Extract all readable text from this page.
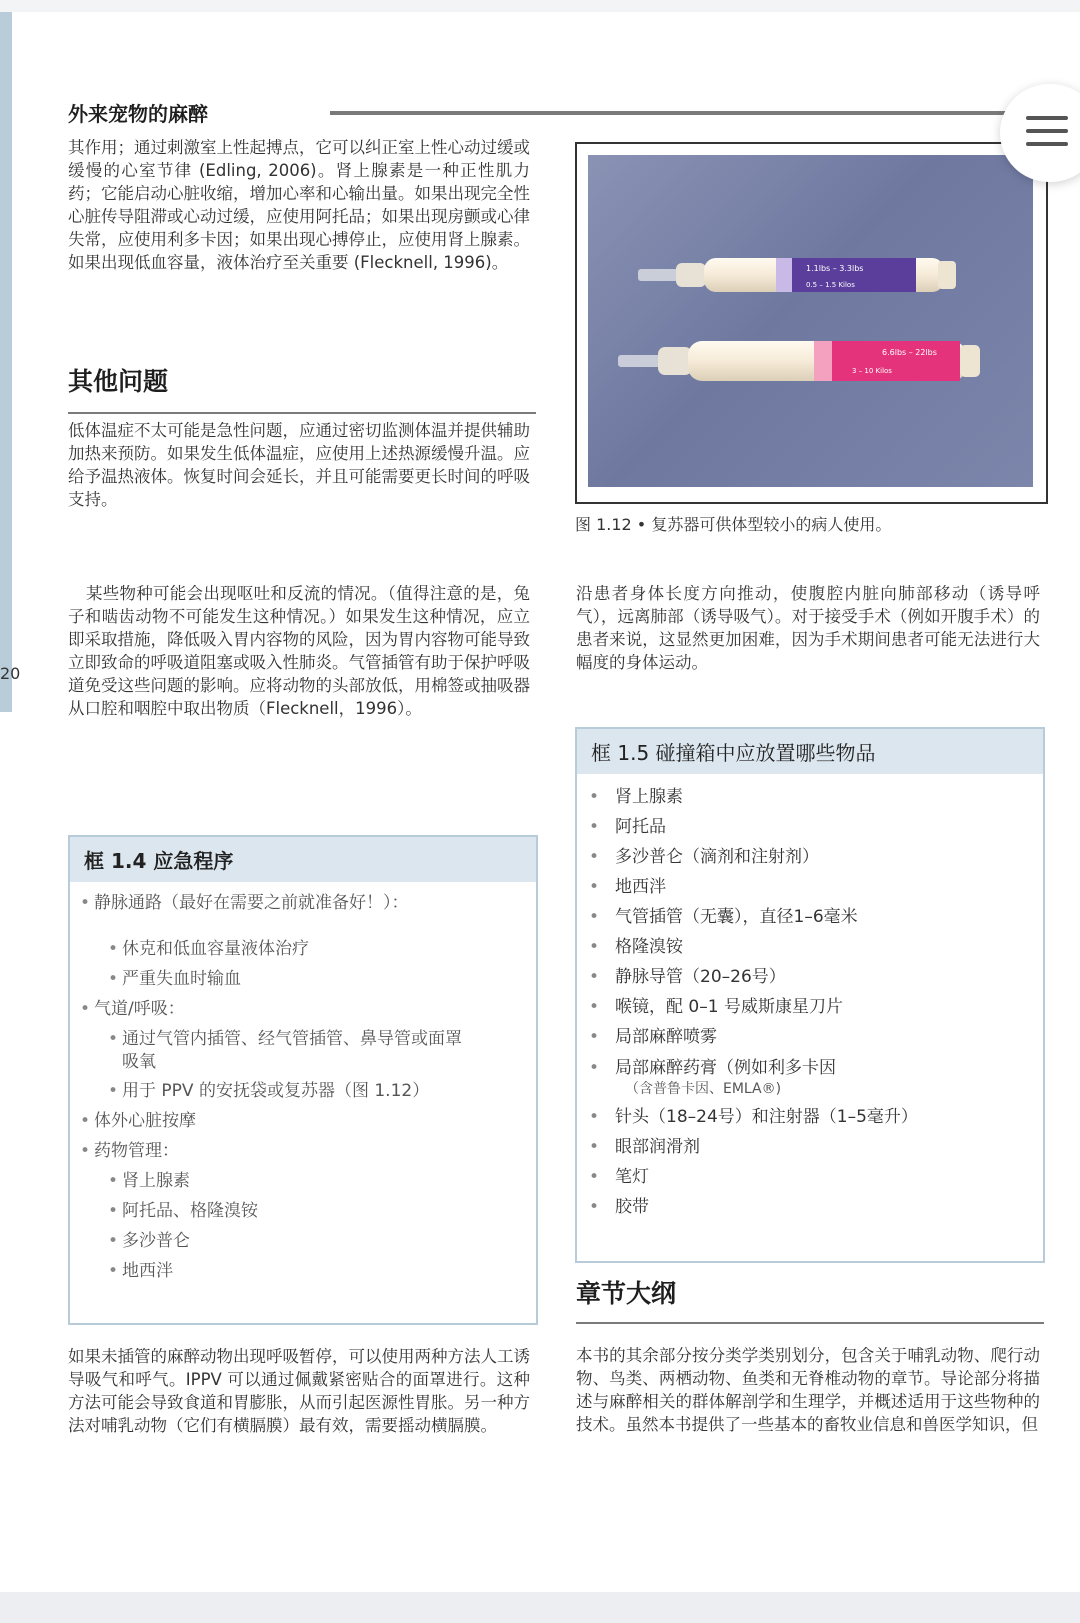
20
外来宠物的麻醉

其作用；通过刺激室上性起搏点，它可以纠正室上性心动过缓或缓慢的心室节律 (Edling, 2006)。肾上腺素是一种正性肌力药；它能启动心脏收缩，增加心率和心输出量。如果出现完全性心脏传导阻滞或心动过缓，应使用阿托品；如果出现房颤或心律失常，应使用利多卡因；如果出现心搏停止，应使用肾上腺素。如果出现低血容量，液体治疗至关重要 (Flecknell, 1996)。

其他问题

低体温症不太可能是急性问题，应通过密切监测体温并提供辅助加热来预防。如果发生低体温症，应使用上述热源缓慢升温。应给予温热液体。恢复时间会延长，并且可能需要更长时间的呼吸支持。

某些物种可能会出现呕吐和反流的情况。（值得注意的是，兔子和啮齿动物不可能发生这种情况。）如果发生这种情况，应立即采取措施，降低吸入胃内容物的风险，因为胃内容物可能导致立即致命的呼吸道阻塞或吸入性肺炎。气管插管有助于保护呼吸道免受这些问题的影响。应将动物的头部放低，用棉签或抽吸器从口腔和咽腔中取出物质（Flecknell，1996）。

框 1.4 应急程序
• 静脉通路（最好在需要之前就准备好！）：
• 休克和低血容量液体治疗
• 严重失血时输血
• 气道/呼吸：
• 通过气管内插管、经气管插管、鼻导管或面罩吸氧
• 用于 PPV 的安抚袋或复苏器（图 1.12）
• 体外心脏按摩
• 药物管理：
• 肾上腺素
• 阿托品、格隆溴铵
• 多沙普仑
• 地西泮

如果未插管的麻醉动物出现呼吸暂停，可以使用两种方法人工诱导吸气和呼气。IPPV 可以通过佩戴紧密贴合的面罩进行。这种方法可能会导致食道和胃膨胀，从而引起医源性胃胀。另一种方法对哺乳动物（它们有横膈膜）最有效，需要摇动横膈膜。

1.1lbs – 3.3lbs
0.5 – 1.5 Kilos
6.6lbs – 22lbs
3 – 10 Kilos
图 1.12 • 复苏器可供体型较小的病人使用。

沿患者身体长度方向推动，使腹腔内脏向肺部移动（诱导呼气），远离肺部（诱导吸气）。对于接受手术（例如开腹手术）的患者来说，这显然更加困难，因为手术期间患者可能无法进行大幅度的身体运动。

框 1.5 碰撞箱中应放置哪些物品
• 肾上腺素
• 阿托品
• 多沙普仑（滴剂和注射剂）
• 地西泮
• 气管插管（无囊），直径1–6毫米
• 格隆溴铵
• 静脉导管（20–26号）
• 喉镜，配 0–1 号威斯康星刀片
• 局部麻醉喷雾
• 局部麻醉药膏（例如利多卡因
（含普鲁卡因、EMLA®)
• 针头（18–24号）和注射器（1–5毫升）
• 眼部润滑剂
• 笔灯
• 胶带
章节大纲

本书的其余部分按分类学类别划分，包含关于哺乳动物、爬行动物、鸟类、两栖动物、鱼类和无脊椎动物的章节。导论部分将描述与麻醉相关的群体解剖学和生理学，并概述适用于这些物种的技术。虽然本书提供了一些基本的畜牧业信息和兽医学知识，但
